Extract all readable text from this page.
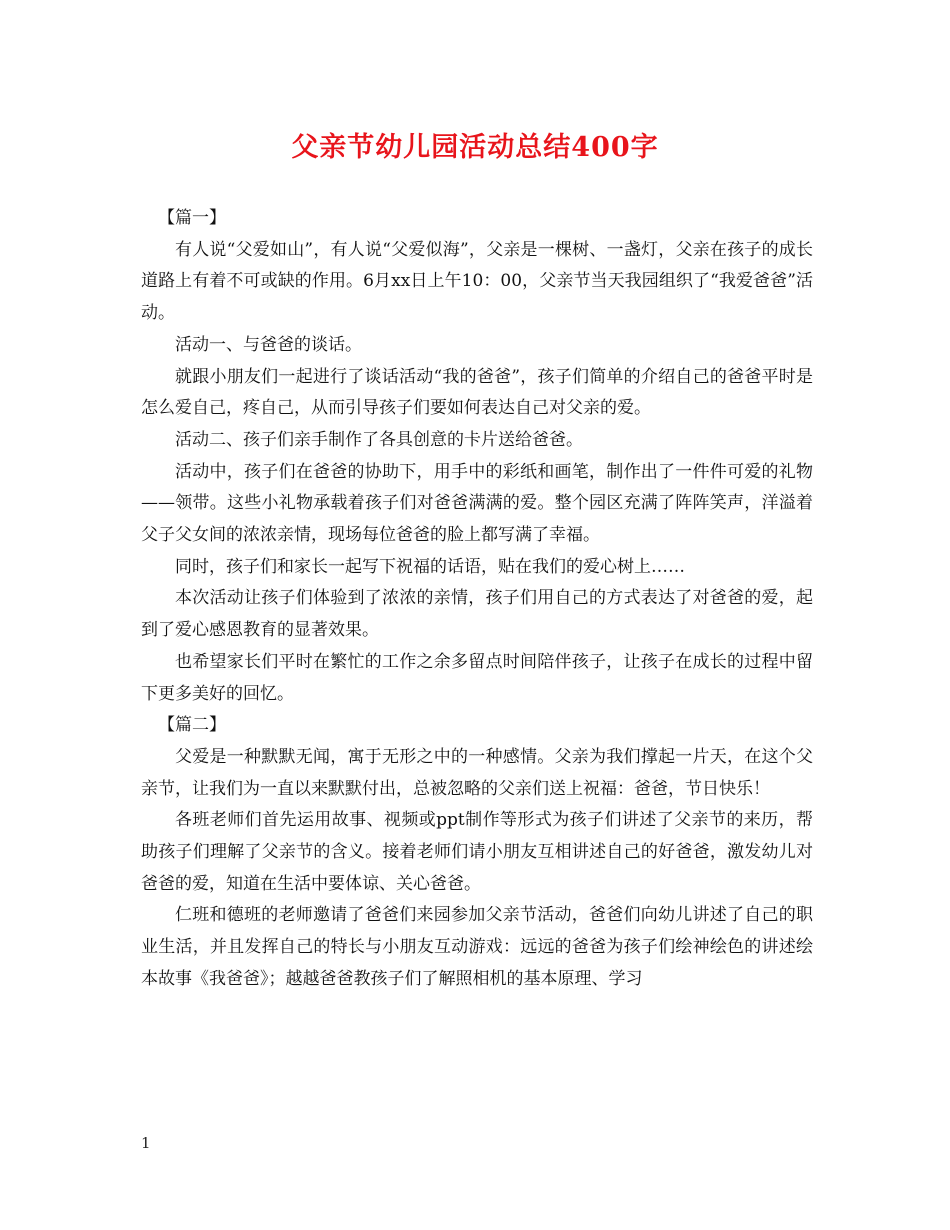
父亲节幼儿园活动总结400字

【篇一】

有人说“父爱如山”，有人说“父爱似海”，父亲是一棵树、一盏灯，父亲在孩子的成长道路上有着不可或缺的作用。6月xx日上午10：00，父亲节当天我园组织了“我爱爸爸”活动。

活动一、与爸爸的谈话。

就跟小朋友们一起进行了谈话活动“我的爸爸”，孩子们简单的介绍自己的爸爸平时是怎么爱自己，疼自己，从而引导孩子们要如何表达自己对父亲的爱。

活动二、孩子们亲手制作了各具创意的卡片送给爸爸。

活动中，孩子们在爸爸的协助下，用手中的彩纸和画笔，制作出了一件件可爱的礼物——领带。这些小礼物承载着孩子们对爸爸满满的爱。整个园区充满了阵阵笑声，洋溢着父子父女间的浓浓亲情，现场每位爸爸的脸上都写满了幸福。

同时，孩子们和家长一起写下祝福的话语，贴在我们的爱心树上……

本次活动让孩子们体验到了浓浓的亲情，孩子们用自己的方式表达了对爸爸的爱，起到了爱心感恩教育的显著效果。

也希望家长们平时在繁忙的工作之余多留点时间陪伴孩子，让孩子在成长的过程中留下更多美好的回忆。

【篇二】

父爱是一种默默无闻，寓于无形之中的一种感情。父亲为我们撑起一片天，在这个父亲节，让我们为一直以来默默付出，总被忽略的父亲们送上祝福：爸爸，节日快乐！

各班老师们首先运用故事、视频或ppt制作等形式为孩子们讲述了父亲节的来历，帮助孩子们理解了父亲节的含义。接着老师们请小朋友互相讲述自己的好爸爸，激发幼儿对爸爸的爱，知道在生活中要体谅、关心爸爸。

仁班和德班的老师邀请了爸爸们来园参加父亲节活动，爸爸们向幼儿讲述了自己的职业生活，并且发挥自己的特长与小朋友互动游戏：远远的爸爸为孩子们绘神绘色的讲述绘本故事《我爸爸》；越越爸爸教孩子们了解照相机的基本原理、学习

1
